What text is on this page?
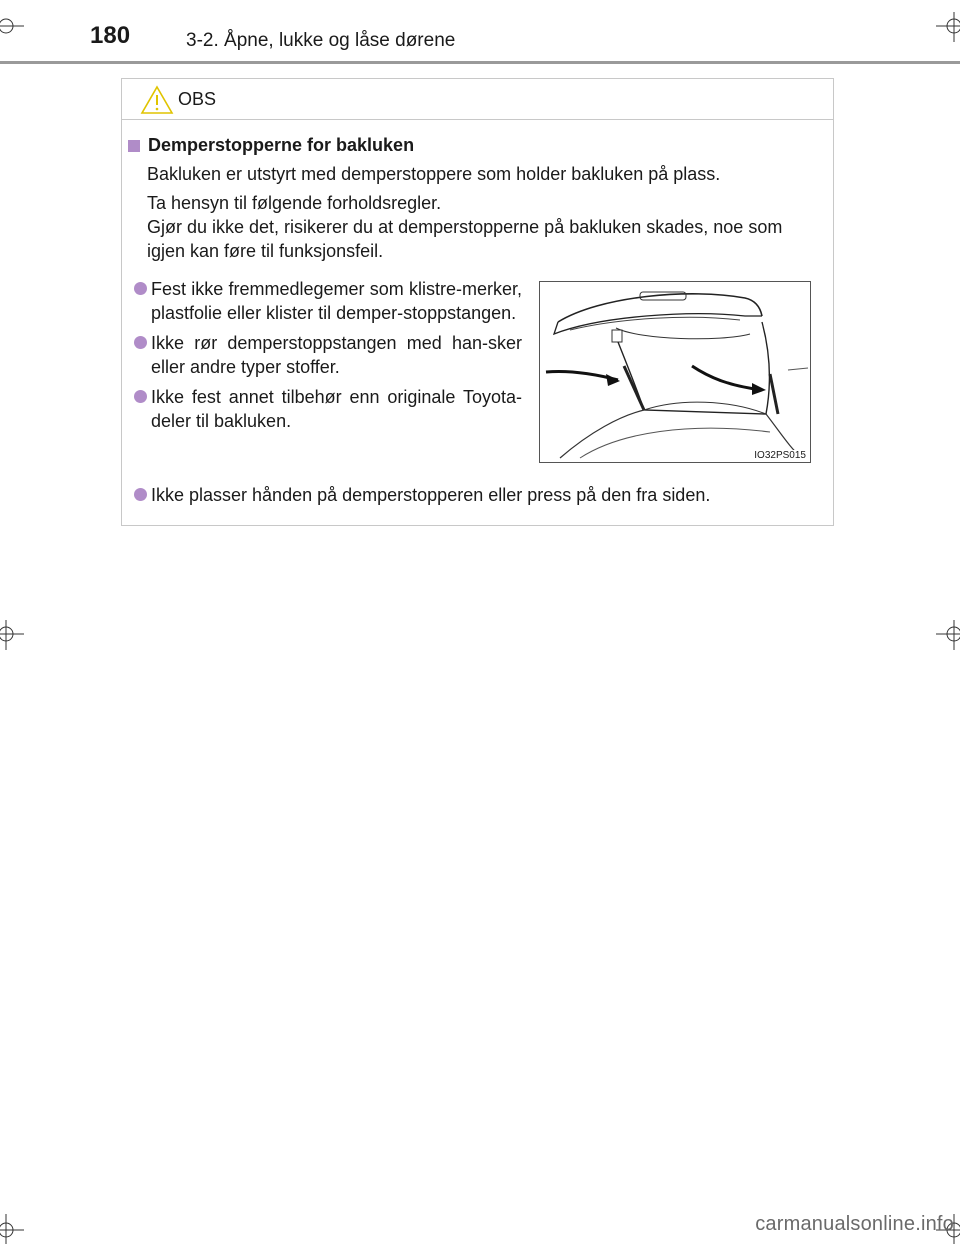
180	3-2. Åpne, lukke og låse dørene
OBS
Demperstopperne for bakluken
Bakluken er utstyrt med demperstoppere som holder bakluken på plass.
Ta hensyn til følgende forholdsregler.
Gjør du ikke det, risikerer du at demperstopperne på bakluken skades, noe som igjen kan føre til funksjonsfeil.
Fest ikke fremmedlegemer som klistre-merker, plastfolie eller klister til demper-stoppstangen.
Ikke rør demperstoppstangen med han-sker eller andre typer stoffer.
Ikke fest annet tilbehør enn originale Toyota-deler til bakluken.
IO32PS015
Ikke plasser hånden på demperstopperen eller press på den fra siden.
carmanualsonline.info
